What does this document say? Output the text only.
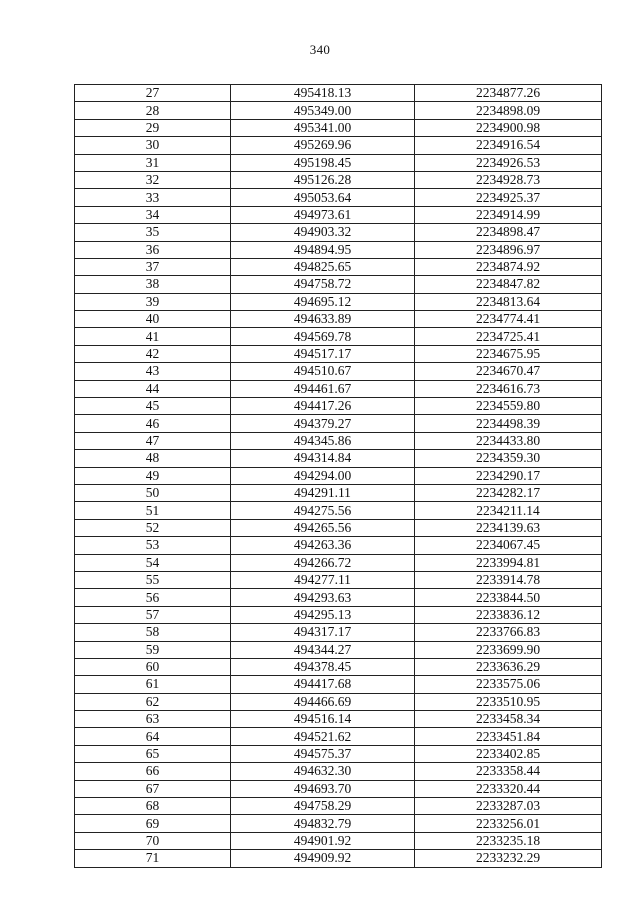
340
27	495418.13	2234877.26
28	495349.00	2234898.09
29	495341.00	2234900.98
30	495269.96	2234916.54
31	495198.45	2234926.53
32	495126.28	2234928.73
33	495053.64	2234925.37
34	494973.61	2234914.99
35	494903.32	2234898.47
36	494894.95	2234896.97
37	494825.65	2234874.92
38	494758.72	2234847.82
39	494695.12	2234813.64
40	494633.89	2234774.41
41	494569.78	2234725.41
42	494517.17	2234675.95
43	494510.67	2234670.47
44	494461.67	2234616.73
45	494417.26	2234559.80
46	494379.27	2234498.39
47	494345.86	2234433.80
48	494314.84	2234359.30
49	494294.00	2234290.17
50	494291.11	2234282.17
51	494275.56	2234211.14
52	494265.56	2234139.63
53	494263.36	2234067.45
54	494266.72	2233994.81
55	494277.11	2233914.78
56	494293.63	2233844.50
57	494295.13	2233836.12
58	494317.17	2233766.83
59	494344.27	2233699.90
60	494378.45	2233636.29
61	494417.68	2233575.06
62	494466.69	2233510.95
63	494516.14	2233458.34
64	494521.62	2233451.84
65	494575.37	2233402.85
66	494632.30	2233358.44
67	494693.70	2233320.44
68	494758.29	2233287.03
69	494832.79	2233256.01
70	494901.92	2233235.18
71	494909.92	2233232.29
